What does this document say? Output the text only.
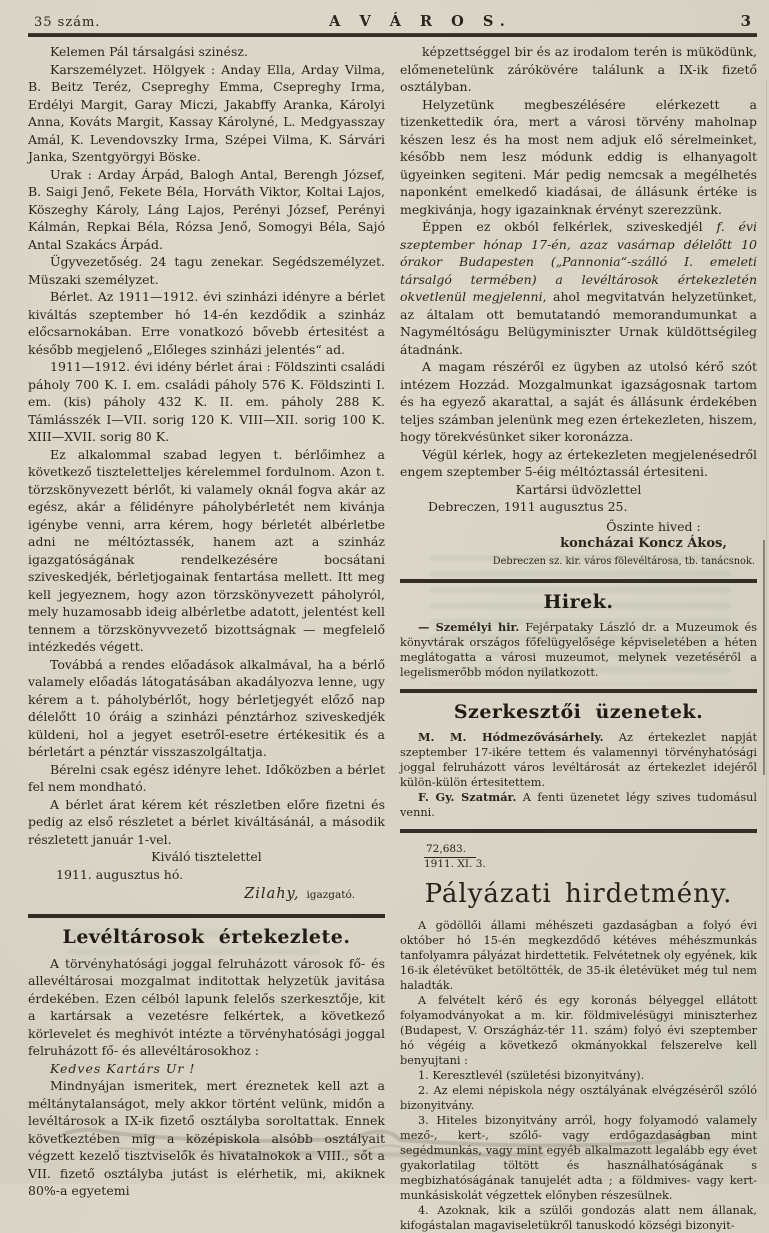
35 szám.	A V Á R O S.	3

Kelemen Pál társalgási szinész.

Karszemélyzet. Hölgyek : Anday Ella, Arday Vilma, B. Beitz Teréz, Csepreghy Emma, Csepreghy Irma, Erdélyi Margit, Garay Miczi, Jakabffy Aranka, Károlyi Anna, Kováts Margit, Kassay Károlyné, L. Medgyasszay Amál, K. Levendovszky Irma, Szépei Vilma, K. Sárvári Janka, Szentgyörgyi Böske.

Urak : Arday Árpád, Balogh Antal, Berengh József, B. Saigi Jenő, Fekete Béla, Horváth Viktor, Koltai Lajos, Köszeghy Károly, Láng Lajos, Perényi József, Perényi Kálmán, Repkai Béla, Rózsa Jenő, Somogyi Béla, Sajó Antal Szakács Árpád.

Ügyvezetőség. 24 tagu zenekar. Segédszemélyzet. Müszaki személyzet.

Bérlet. Az 1911—1912. évi szinházi idényre a bérlet kiváltás szeptember hó 14-én kezdődik a szinház előcsarnokában. Erre vonatkozó bővebb értesitést a később megjelenő „Előleges szinházi jelentés“ ad.

1911—1912. évi idény bérlet árai : Földszinti családi páholy 700 K. I. em. családi páholy 576 K. Földszinti I. em. (kis) páholy 432 K. II. em. páholy 288 K. Támlásszék I—VII. sorig 120 K. VIII—XII. sorig 100 K. XIII—XVII. sorig 80 K.

Ez alkalommal szabad legyen t. bérlőimhez a következő tiszteletteljes kérelemmel fordulnom. Azon t. törzskönyvezett bérlőt, ki valamely oknál fogva akár az egész, akár a félidényre páholybérletét nem kivánja igénybe venni, arra kérem, hogy bérletét albérletbe adni ne méltóztassék, hanem azt a szinház igazgatóságának rendelkezésére bocsátani sziveskedjék, bérletjogainak fentartása mellett. Itt meg kell jegyeznem, hogy azon törzskönyvezett páholyról, mely huzamosabb ideig albérletbe adatott, jelentést kell tennem a törzskönyvvezető bizottságnak — megfelelő intézkedés végett.

Továbbá a rendes előadások alkalmával, ha a bérlő valamely előadás látogatásában akadályozva lenne, ugy kérem a t. páholybérlőt, hogy bérletjegyét előző nap délelőtt 10 óráig a szinházi pénztárhoz sziveskedjék küldeni, hol a jegyet esetről-esetre értékesitik és a bérletárt a pénztár visszaszolgáltatja.

Bérelni csak egész idényre lehet. Időközben a bérlet fel nem mondható.

A bérlet árat kérem két részletben előre fizetni és pedig az első részletet a bérlet kiváltásánál, a második részletett január 1-vel.

Kiváló tisztelettel

1911. augusztus hó.

Zilahy, igazgató.

Levéltárosok értekezlete.

A törvényhatósági joggal felruházott városok fő- és allevéltárosai mozgalmat inditottak helyzetük javitása érdekében. Ezen célból lapunk felelős szerkesztője, kit a kartársak a vezetésre felkértek, a következő körlevelet és meghivót intézte a törvényhatósági joggal felruházott fő- és allevéltárosokhoz :

Kedves Kartárs Ur !

Mindnyájan ismeritek, mert éreznetek kell azt a méltánytalanságot, mely akkor történt velünk, midőn a levéltárosok a IX-ik fizető osztályba soroltattak. Ennek következtében mig a középiskola alsóbb osztályait végzett kezelő tisztviselők és hivatalnokok a VIII., sőt a VII. fizető osztályba jutást is elérhetik, mi, akiknek 80%-a egyetemi

képzettséggel bir és az irodalom terén is müködünk, előmenetelünk zárókövére találunk a IX-ik fizető osztályban.

Helyzetünk megbeszélésére elérkezett a tizenkettedik óra, mert a városi törvény maholnap készen lesz és ha most nem adjuk elő sérelmeinket, később nem lesz módunk eddig is elhanyagolt ügyeinken segiteni. Már pedig nemcsak a megélhetés naponként emelkedő kiadásai, de állásunk értéke is megkivánja, hogy igazainknak érvényt szerezzünk.

Éppen ez okból felkérlek, sziveskedjél f. évi szeptember hónap 17-én, azaz vasárnap délelőtt 10 órakor Budapesten („Pannonia“-szálló I. emeleti társalgó termében) a levéltárosok értekezletén okvetlenül megjelenni, ahol megvitatván helyzetünket, az általam ott bemutatandó memorandumunkat a Nagyméltóságu Belügyminiszter Urnak küldöttségileg átadnánk.

A magam részéről ez ügyben az utolsó kérő szót intézem Hozzád. Mozgalmunkat igazságosnak tartom és ha egyező akarattal, a saját és állásunk érdekében teljes számban jelenünk meg ezen értekezleten, hiszem, hogy törekvésünket siker koronázza.

Végül kérlek, hogy az értekezleten megjelenésedről engem szeptember 5-éig méltóztassál értesiteni.

Kartársi üdvözlettel

Debreczen, 1911 augusztus 25.

Őszinte hived :

koncházai Koncz Ákos,

Debreczen sz. kir. város fölevéltárosa, tb. tanácsnok.

Hirek.

— Személyi hir. Fejérpataky László dr. a Muzeumok és könyvtárak országos főfelügyelősége képviseletében a héten meglátogatta a városi muzeumot, melynek vezetéséről a legelismerőbb módon nyilatkozott.

Szerkesztői üzenetek.

M. M. Hódmezővásárhely. Az értekezlet napját szeptember 17-ikére tettem és valamennyi törvényhatósági joggal felruházott város levéltárosát az értekezlet idejéről külön-külön értesitettem.

F. Gy. Szatmár. A fenti üzenetet légy szives tudomásul venni.

72,683.
1911. XI. 3.
Pályázati hirdetmény.

A gödöllői állami méhészeti gazdaságban a folyó évi október hó 15-én megkezdődő kétéves méhészmunkás tanfolyamra pályázat hirdettetik. Felvétetnek oly egyének, kik 16-ik életévüket betöltötték, de 35-ik életévüket még tul nem haladták.

A felvételt kérő és egy koronás bélyeggel ellátott folyamodványokat a m. kir. földmivelésügyi miniszterhez (Budapest, V. Országház-tér 11. szám) folyó évi szeptember hó végéig a következő okmányokkal felszerelve kell benyujtani :

1. Keresztlevél (születési bizonyitvány).

2. Az elemi népiskola négy osztályának elvégzéséről szóló bizonyitvány.

3. Hiteles bizonyitvány arról, hogy folyamodó valamely mező-, kert-, szőlő- vagy erdőgazdaságban mint segédmunkás, vagy mint egyéb alkalmazott legalább egy évet gyakorlatilag töltött és használhatóságának s megbizhatóságának tanujelét adta ; a földmives- vagy kert-munkásiskolát végzettek előnyben részesülnek.

4. Azoknak, kik a szülői gondozás alatt nem állanak, kifogástalan magaviseletükről tanuskodó községi bizonyit-
